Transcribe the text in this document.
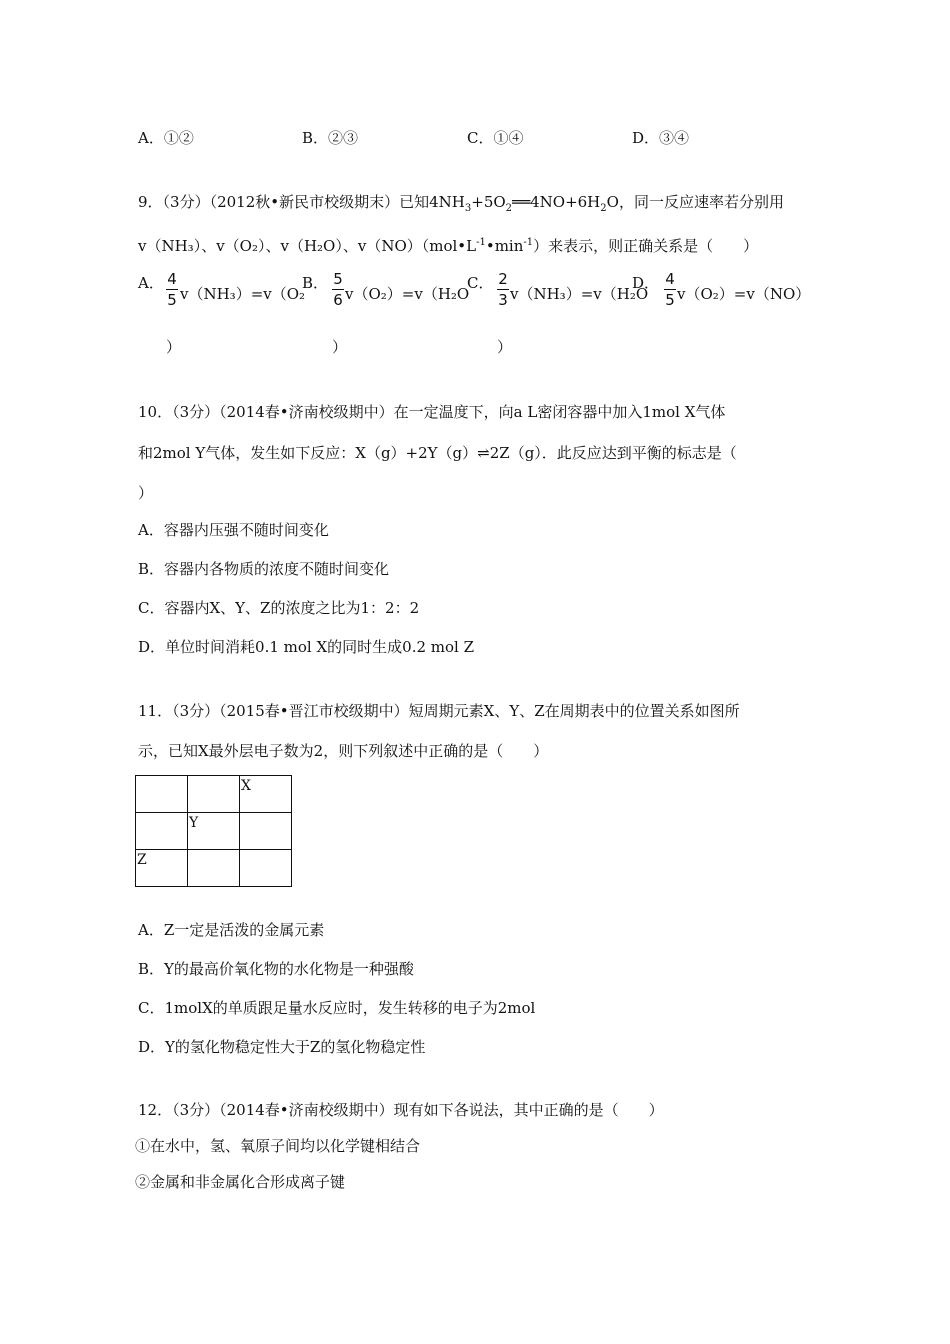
A．①②	B．②③	C．①④	D．③④
9．（3分）（2012秋•新民市校级期末）已知$4NH_3+5O_2══4NO+6H_2O$，同一反应速率若分别用
v（NH₃）、v（O₂）、v（H₂O）、$v(NO)(mol•L^{-1}•\min^{-1})$来表示，则正确关系是（　　）
A． 4
5 v（NH₃）=v（O₂
）
B． 5
6 v（O₂）=v（H₂O
）
C． 2
3 v（NH₃）=v（H₂O
）
D． 4
5 v（O₂）=v（NO）
10．（3分）（2014春•济南校级期中）在一定温度下，向a L密闭容器中加入1mol X气体
和2mol Y气体，发生如下反应：X（g）+2Y（g）⇌2Z（g）．此反应达到平衡的标志是（
）
A．容器内压强不随时间变化
B．容器内各物质的浓度不随时间变化
C．容器内X、Y、Z的浓度之比为1：2：2
D．单位时间消耗0.1 mol X的同时生成0.2 mol Z
11．（3分）（2015春•晋江市校级期中）短周期元素X、Y、Z在周期表中的位置关系如图所
示，已知X最外层电子数为2，则下列叙述中正确的是（　　）

		X

	Y	

Z		

A．Z一定是活泼的金属元素
B．Y的最高价氧化物的水化物是一种强酸
C．1molX的单质跟足量水反应时，发生转移的电子为2mol
D．Y的氢化物稳定性大于Z的氢化物稳定性
12．（3分）（2014春•济南校级期中）现有如下各说法，其中正确的是（　　）
①在水中，氢、氧原子间均以化学键相结合
②金属和非金属化合形成离子键
